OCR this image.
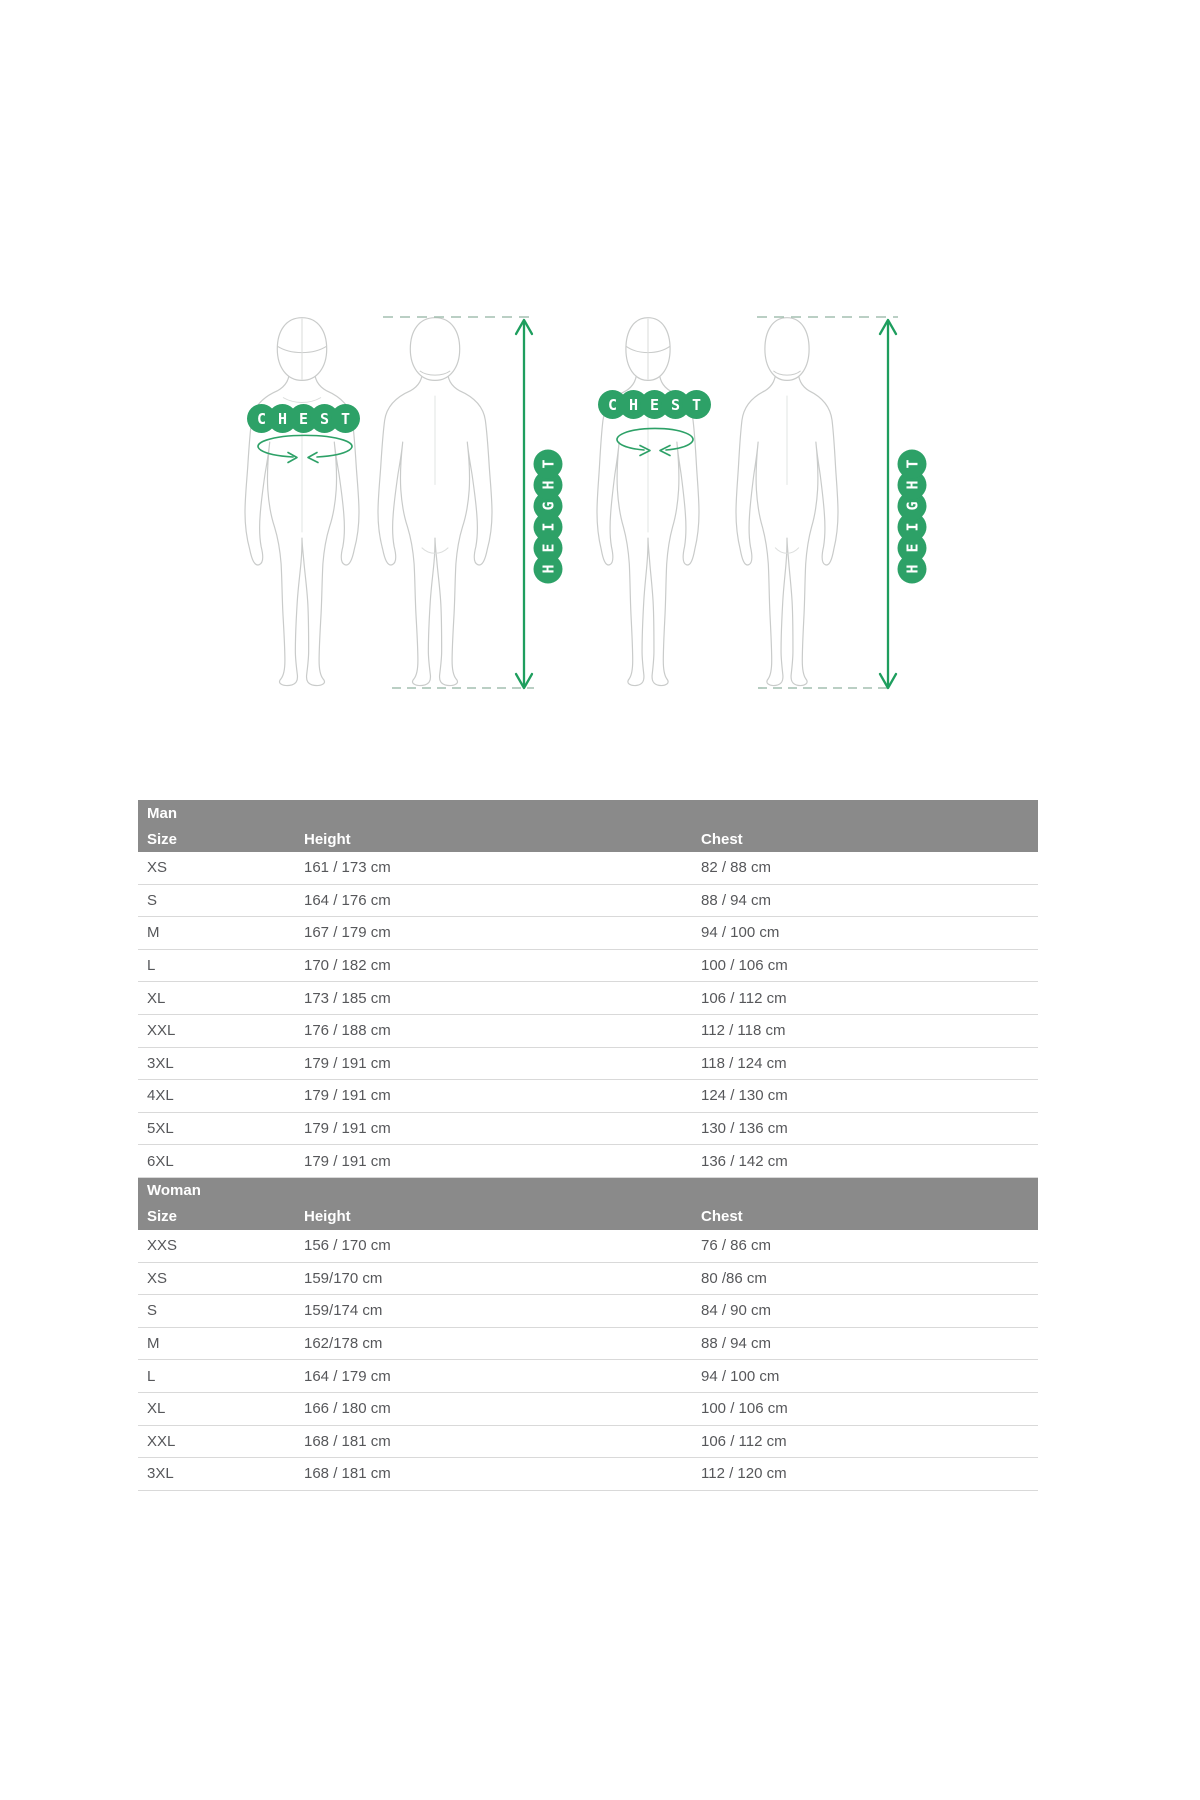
C H E S T
C H E S T
H
E
I
G
H
T
H
E
I
G
H
T
Man
Size	Height	Chest
XS	161 / 173 cm	82 / 88 cm
S	164 / 176 cm	88 / 94 cm
M	167 / 179 cm	94 / 100 cm
L	170 / 182 cm	100 / 106 cm
XL	173 / 185 cm	106 / 112 cm
XXL	176 / 188 cm	112 / 118 cm
3XL	179 / 191 cm	118 / 124 cm
4XL	179 / 191 cm	124 / 130 cm
5XL	179 / 191 cm	130 / 136 cm
6XL	179 / 191 cm	136 / 142 cm
Woman
Size	Height	Chest
XXS	156 / 170 cm	76 / 86 cm
XS	159/170 cm	80 /86 cm
S	159/174 cm	84 / 90 cm
M	162/178 cm	88 / 94 cm
L	164 / 179 cm	94 / 100 cm
XL	166 / 180 cm	100 / 106 cm
XXL	168 / 181 cm	106 / 112 cm
3XL	168 / 181 cm	112 / 120 cm
